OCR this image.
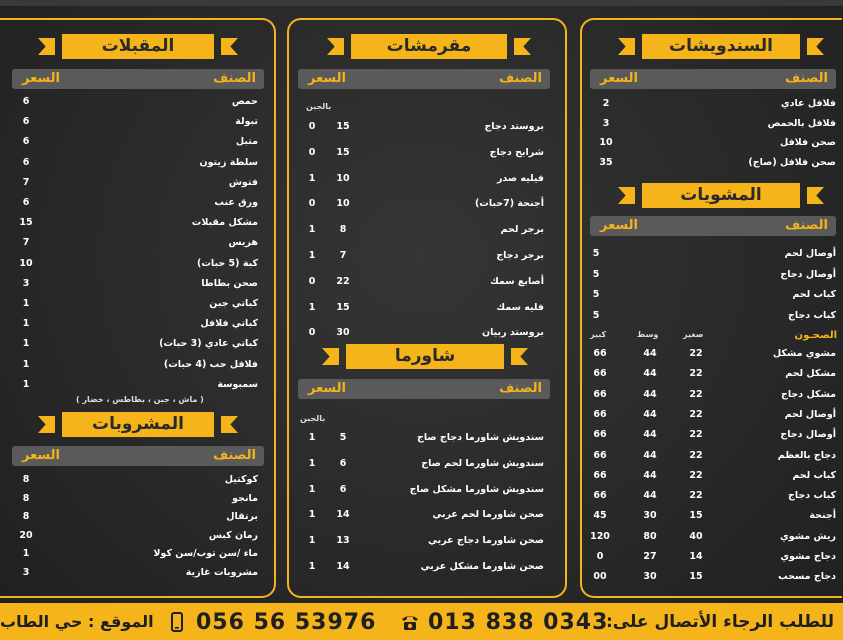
السندويشات
الصنف
السعر
فلافل عادي
2
فلافل بالحمص
3
صحن فلافل
10
صحن فلافل (صاج)
35
المشويات
الصنف
السعر
أوصال لحم
5
أوصال دجاج
5
كباب لحم
5
كباب دجاج
5
كبير	وسط	صغير	الصحـون
مشوي مشكل
66	44	22
مشكل لحم
66	44	22
مشكل دجاج
66	44	22
أوصال لحم
66	44	22
أوصال دجاج
66	44	22
دجاج بالعظم
66	44	22
كباب لحم
66	44	22
كباب دجاج
66	44	22
أجنحة
45	30	15
ريش مشوي
120	80	40
دجاج مشوي
0	27	14
دجاج مسحب
00	30	15
مقرمشات
الصنف
السعر
بالجبن
بروستد دجاج
0 15
شرايح دجاج
0 15
فيليه صدر
1 10
أجنحة (7حبات)
0 10
برجر لحم
1	8
برجر دجاج
1	7
أصابع سمك
0 22
فليه سمك
1 15
بروستد ربيان
0 30
شاورما
الصنف
السعر
بالجبن
سندويش شاورما دجاج صاج
1	5
سندويش شاورما لحم صاج
1	6
سندويش شاورما مشكل صاج
1	6
صحن شاورما لحم عربي
1 14
صحن شاورما دجاج عربي
1 13
صحن شاورما مشكل عربي
1 14
المقبلات
الصنف
السعر
حمص
6
تبولة
6
متبل
6
سلطة زيتون
6
فتوش
7
ورق عنب
6
مشكل مقبلات
15
هريس
7
كبة (5 حبات)
10
صحن بطاطا
3
كباتي جبن
1
كباتي فلافل
1
كباتي عادي (3 حبات)
1
فلافل حب (4 حبات)
1
سمبوسة
1
( ماش ، جبن ، بطاطس ، خضار )
المشروبات
الصنف
السعر
كوكتيل
8
مانجو
8
برتقال
8
رمان كبس
20
ماء /سن توب/سن كولا
1
مشروبات غازية
3
للطلب الرجاء الأتصال على:
013 838 0343
056 56 53976
الموقع : حي الطاب
